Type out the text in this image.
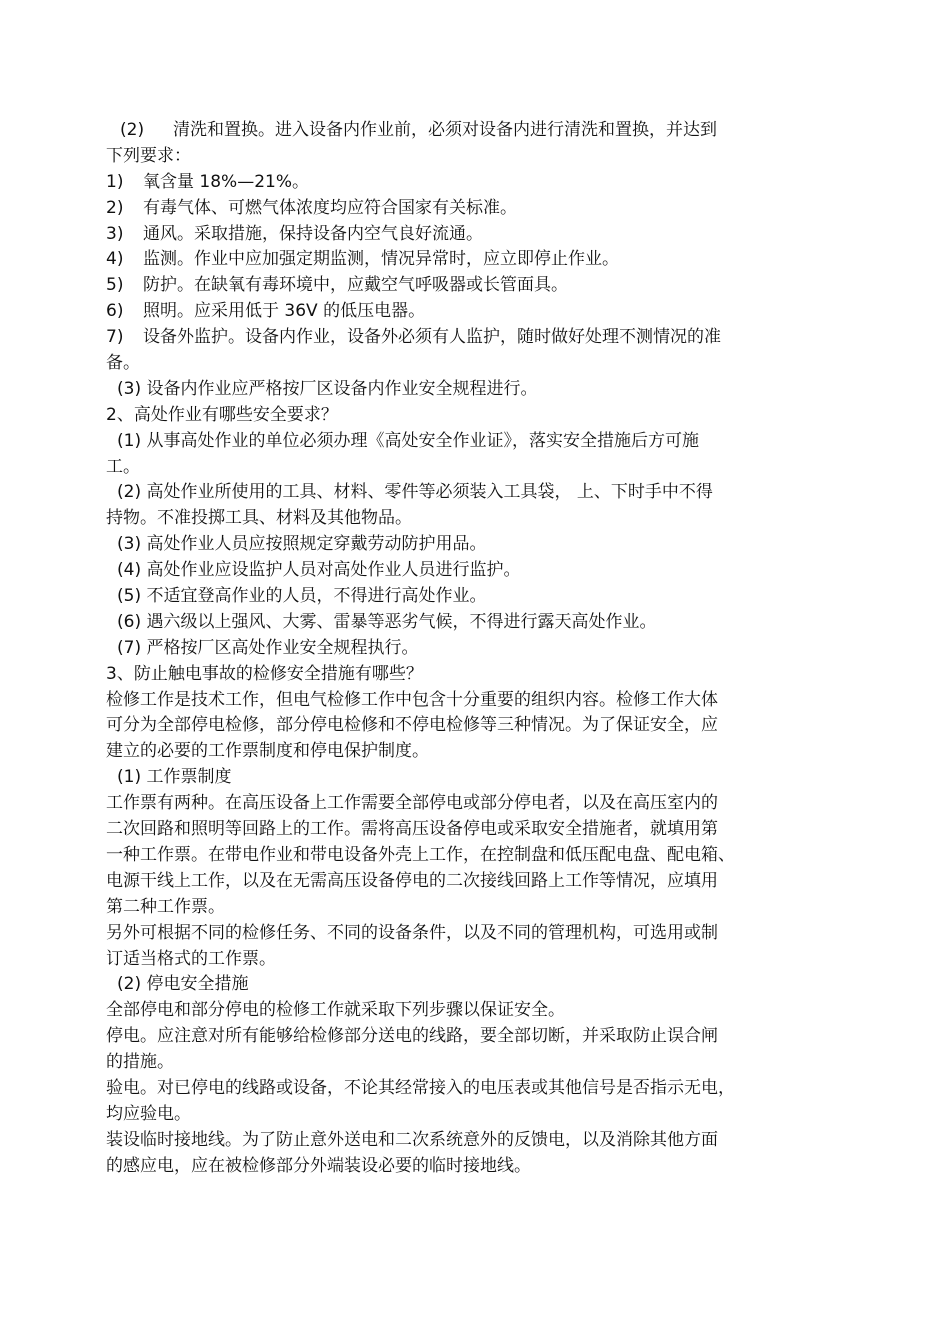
(2) 清洗和置换。进入设备内作业前，必须对设备内进行清洗和置换，并达到
下列要求：
1) 氧含量 18%—21%。
2) 有毒气体、可燃气体浓度均应符合国家有关标准。
3) 通风。采取措施，保持设备内空气良好流通。
4) 监测。作业中应加强定期监测，情况异常时，应立即停止作业。
5) 防护。在缺氧有毒环境中，应戴空气呼吸器或长管面具。
6) 照明。应采用低于 36V 的低压电器。
7) 设备外监护。设备内作业，设备外必须有人监护，随时做好处理不测情况的准
备。
(3) 设备内作业应严格按厂区设备内作业安全规程进行。
2、高处作业有哪些安全要求？
(1) 从事高处作业的单位必须办理《高处安全作业证》，落实安全措施后方可施
工。
(2) 高处作业所使用的工具、材料、零件等必须装入工具袋， 上、下时手中不得
持物。不准投掷工具、材料及其他物品。
(3) 高处作业人员应按照规定穿戴劳动防护用品。
(4) 高处作业应设监护人员对高处作业人员进行监护。
(5) 不适宜登高作业的人员，不得进行高处作业。
(6) 遇六级以上强风、大雾、雷暴等恶劣气候，不得进行露天高处作业。
(7) 严格按厂区高处作业安全规程执行。
3、防止触电事故的检修安全措施有哪些？
检修工作是技术工作，但电气检修工作中包含十分重要的组织内容。检修工作大体
可分为全部停电检修，部分停电检修和不停电检修等三种情况。为了保证安全，应
建立的必要的工作票制度和停电保护制度。
(1) 工作票制度
工作票有两种。在高压设备上工作需要全部停电或部分停电者，以及在高压室内的
二次回路和照明等回路上的工作。需将高压设备停电或采取安全措施者，就填用第
一种工作票。在带电作业和带电设备外壳上工作，在控制盘和低压配电盘、配电箱、
电源干线上工作，以及在无需高压设备停电的二次接线回路上工作等情况，应填用
第二种工作票。
另外可根据不同的检修任务、不同的设备条件，以及不同的管理机构，可选用或制
订适当格式的工作票。
(2) 停电安全措施
全部停电和部分停电的检修工作就采取下列步骤以保证安全。
停电。应注意对所有能够给检修部分送电的线路，要全部切断，并采取防止误合闸
的措施。
验电。对已停电的线路或设备，不论其经常接入的电压表或其他信号是否指示无电，
均应验电。
装设临时接地线。为了防止意外送电和二次系统意外的反馈电，以及消除其他方面
的感应电，应在被检修部分外端装设必要的临时接地线。
